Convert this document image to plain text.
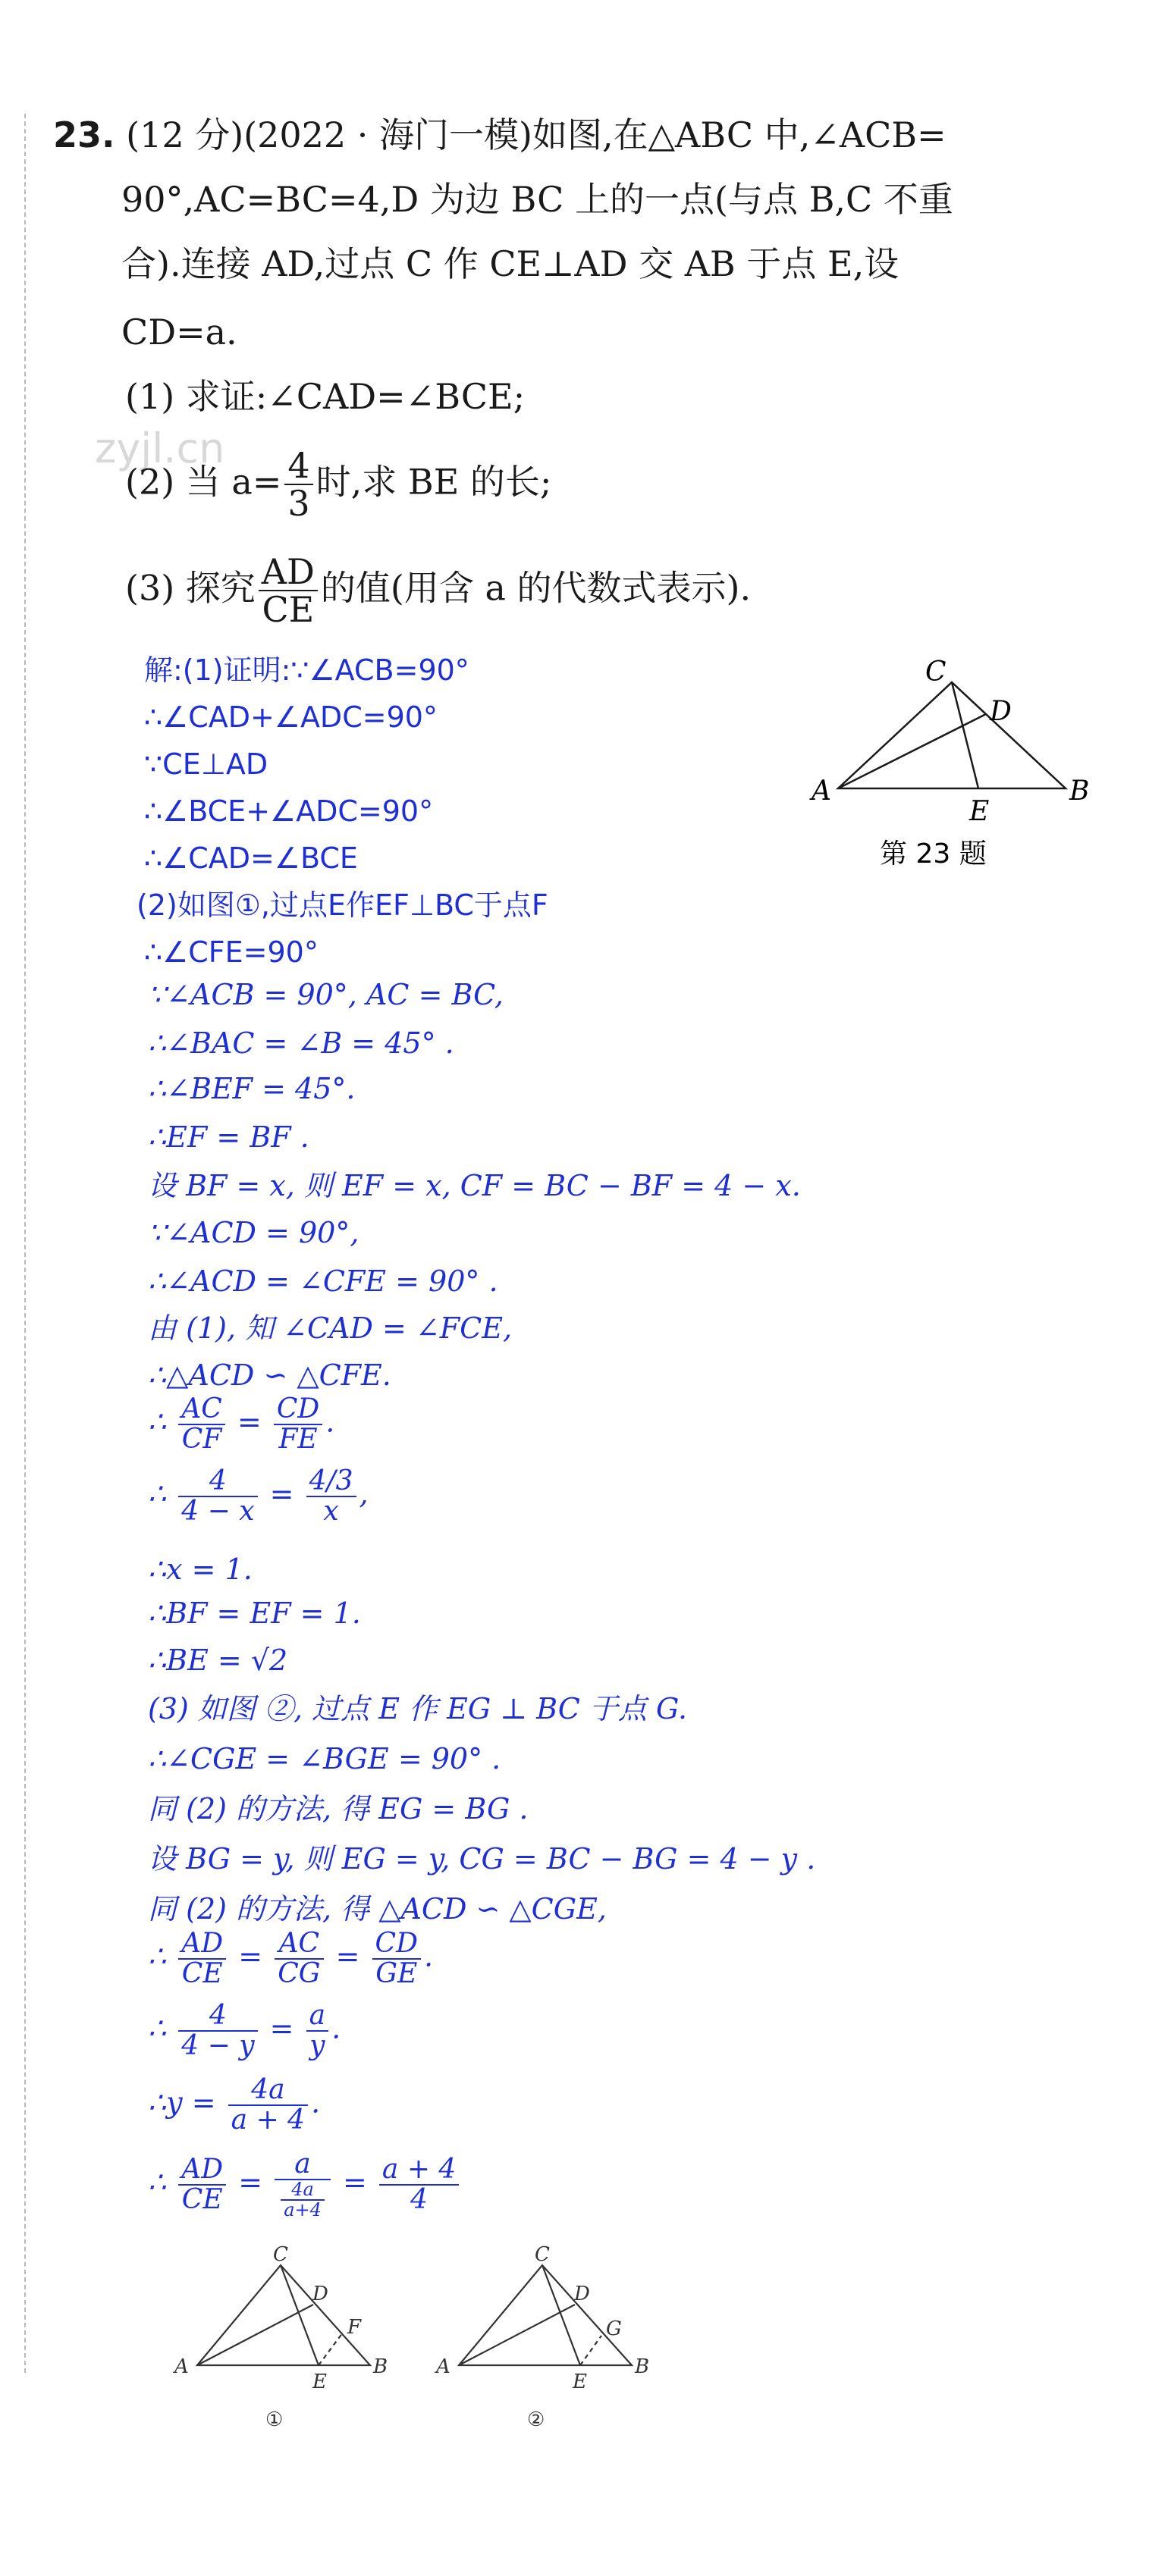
23. (12 分)(2022 · 海门一模)如图,在△ABC 中,∠ACB=
90°,AC=BC=4,D 为边 BC 上的一点(与点 B,C 不重
合).连接 AD,过点 C 作 CE⊥AD 交 AB 于点 E,设
CD=a.
(1) 求证:∠CAD=∠BCE;
zyjl.cn
(2) 当 $a= \frac{4}{3}$ 时,求 BE 的长;
(3) 探究 $\frac{AD}{CE}$ 的值(用含 a 的代数式表示).
C
D
A	B
E
第 23 题
解:(1)证明:∵∠ACB=90°
∴∠CAD+∠ADC=90°
∵CE⊥AD
∴∠BCE+∠ADC=90°
∴∠CAD=∠BCE
(2)如图①,过点E作EF⊥BC于点F
∴∠CFE=90°
∵∠ACB = 90°, AC = BC,
∴∠BAC = ∠B = 45° .
∴∠BEF = 45°.
∴EF = BF .
设 BF = x, 则 EF = x, CF = BC − BF = 4 − x.
∵∠ACD = 90°,
∴∠ACD = ∠CFE = 90° .
由 (1), 知 ∠CAD = ∠FCE,
∴△ACD ∽ △CFE.
∴ $\frac{AC}{CF} = \frac{CD}{FE}$ .
∴ $\frac{4}{4 - x} = \frac{4/3}{x}$ ,
∴x = 1.
∴BF = EF = 1.
∴BE = √2
(3) 如图 ②, 过点 E 作 EG ⊥ BC 于点 G.
∴∠CGE = ∠BGE = 90° .
同 (2) 的方法, 得 EG = BG .
设 BG = y, 则 EG = y, CG = BC − BG = 4 − y .
同 (2) 的方法, 得 △ACD ∽ △CGE,
∴ $\frac{AD}{CE} = \frac{AC}{CG} = \frac{CD}{GE}$ .
∴ $\frac{4}{4 - y} = \frac{a}{y}$ .
∴y = $\frac{4a}{a + 4}$ .
∴ $\frac{AD}{CE} = \frac{a}{\frac{4a}{a+4}} = \frac{a + 4}{4}$
C
D
F
A	B
E
①
C
D
G
A	B
E
②
